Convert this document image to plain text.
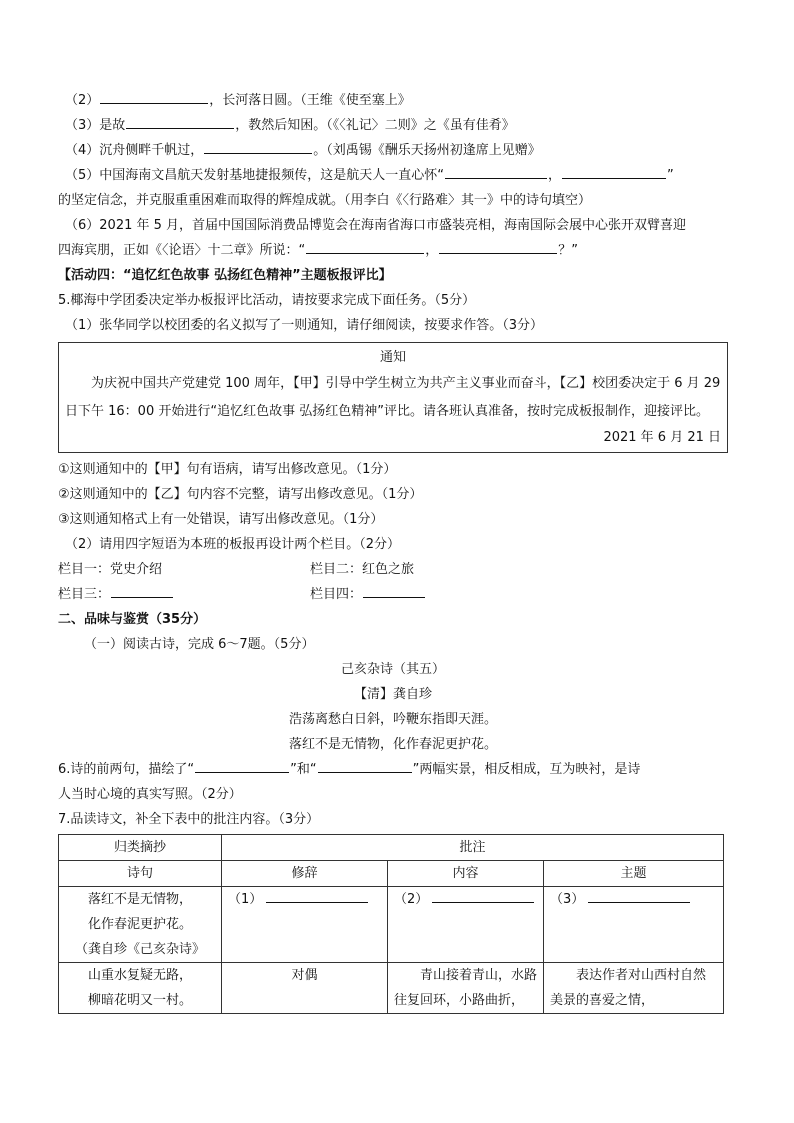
（2）	，长河落日圆。（王维《使至塞上》
（3）是故	，教然后知困。（《〈礼记〉二则》之《虽有佳肴》
（4）沉舟侧畔千帆过，	。（刘禹锡《酬乐天扬州初逢席上见赠》
（5）中国海南文昌航天发射基地捷报频传，这是航天人一直心怀“	，	”
的坚定信念，并克服重重困难而取得的辉煌成就。（用李白《〈行路难〉其一》中的诗句填空）
（6）2021 年 5 月，首届中国国际消费品博览会在海南省海口市盛装亮相，海南国际会展中心张开双臂喜迎
四海宾朋，正如《〈论语〉十二章》所说：“	，	？”
【活动四：“追忆红色故事 弘扬红色精神”主题板报评比】
5.椰海中学团委决定举办板报评比活动，请按要求完成下面任务。（5分）
（1）张华同学以校团委的名义拟写了一则通知，请仔细阅读，按要求作答。（3分）
通知
为庆祝中国共产党建党 100 周年，【甲】引导中学生树立为共产主义事业而奋斗，【乙】校团委决定于 6 月 29 日下午 16：00 开始进行“追忆红色故事 弘扬红色精神”评比。请各班认真准备，按时完成板报制作，迎接评比。
2021 年 6 月 21 日
①这则通知中的【甲】句有语病，请写出修改意见。（1分）
②这则通知中的【乙】句内容不完整，请写出修改意见。（1分）
③这则通知格式上有一处错误，请写出修改意见。（1分）
（2）请用四字短语为本班的板报再设计两个栏目。（2分）
栏目一：党史介绍	栏目二：红色之旅
栏目三：	栏目四：
二、品味与鉴赏（35分）
（一）阅读古诗，完成 6～7题。（5分）
己亥杂诗（其五）
【清】龚自珍
浩荡离愁白日斜，吟鞭东指即天涯。
落红不是无情物，化作春泥更护花。
6.诗的前两句，描绘了“	”和“	”两幅实景，相反相成，互为映衬，是诗
人当时心境的真实写照。（2分）
7.品读诗文，补全下表中的批注内容。（3分）
归类摘抄	批注		
诗句	修辞	内容	主题

落红不是无情物，
化作春泥更护花。
（龚自珍《己亥杂诗》	（1）	（2）	（3）

山重水复疑无路，
柳暗花明又一村。	对偶	青山接着青山，水路往复回环，小路曲折，	表达作者对山西村自然美景的喜爱之情，
